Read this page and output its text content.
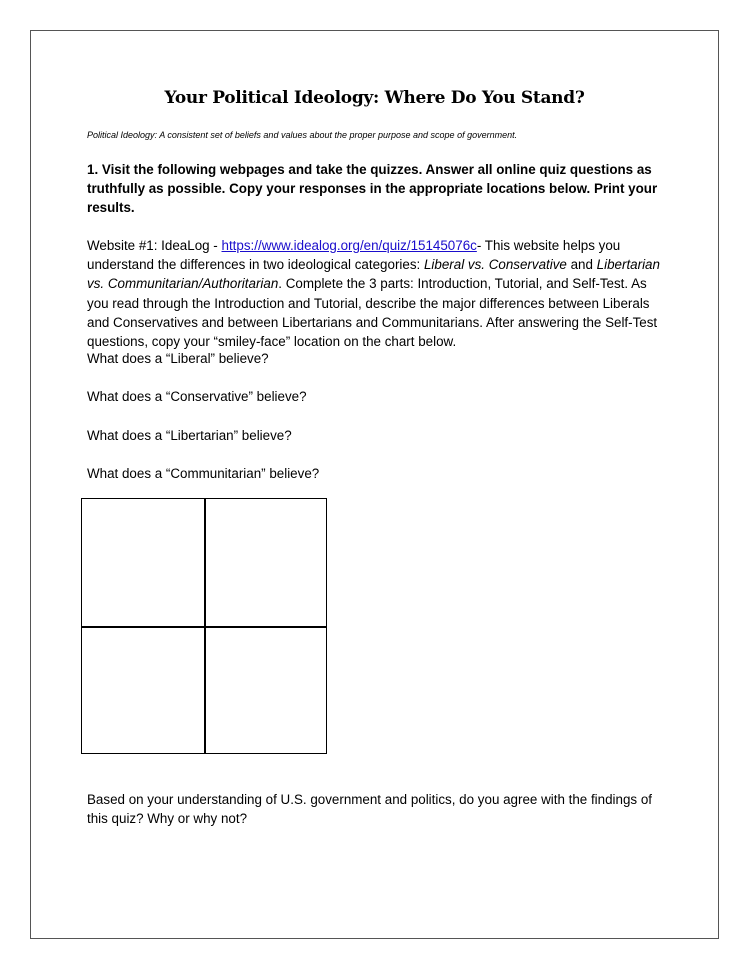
Your Political Ideology: Where Do You Stand?
Political Ideology: A consistent set of beliefs and values about the proper purpose and scope of government.
1. Visit the following webpages and take the quizzes. Answer all online quiz questions as truthfully as possible. Copy your responses in the appropriate locations below. Print your results.
Website #1: IdeaLog - https://www.idealog.org/en/quiz/15145076c- This website helps you understand the differences in two ideological categories: Liberal vs. Conservative and Libertarian vs. Communitarian/Authoritarian. Complete the 3 parts: Introduction, Tutorial, and Self-Test. As you read through the Introduction and Tutorial, describe the major differences between Liberals and Conservatives and between Libertarians and Communitarians. After answering the Self-Test questions, copy your “smiley-face” location on the chart below.
What does a “Liberal” believe?
What does a “Conservative” believe?
What does a “Libertarian” believe?
What does a “Communitarian” believe?
Based on your understanding of U.S. government and politics, do you agree with the findings of this quiz? Why or why not?
